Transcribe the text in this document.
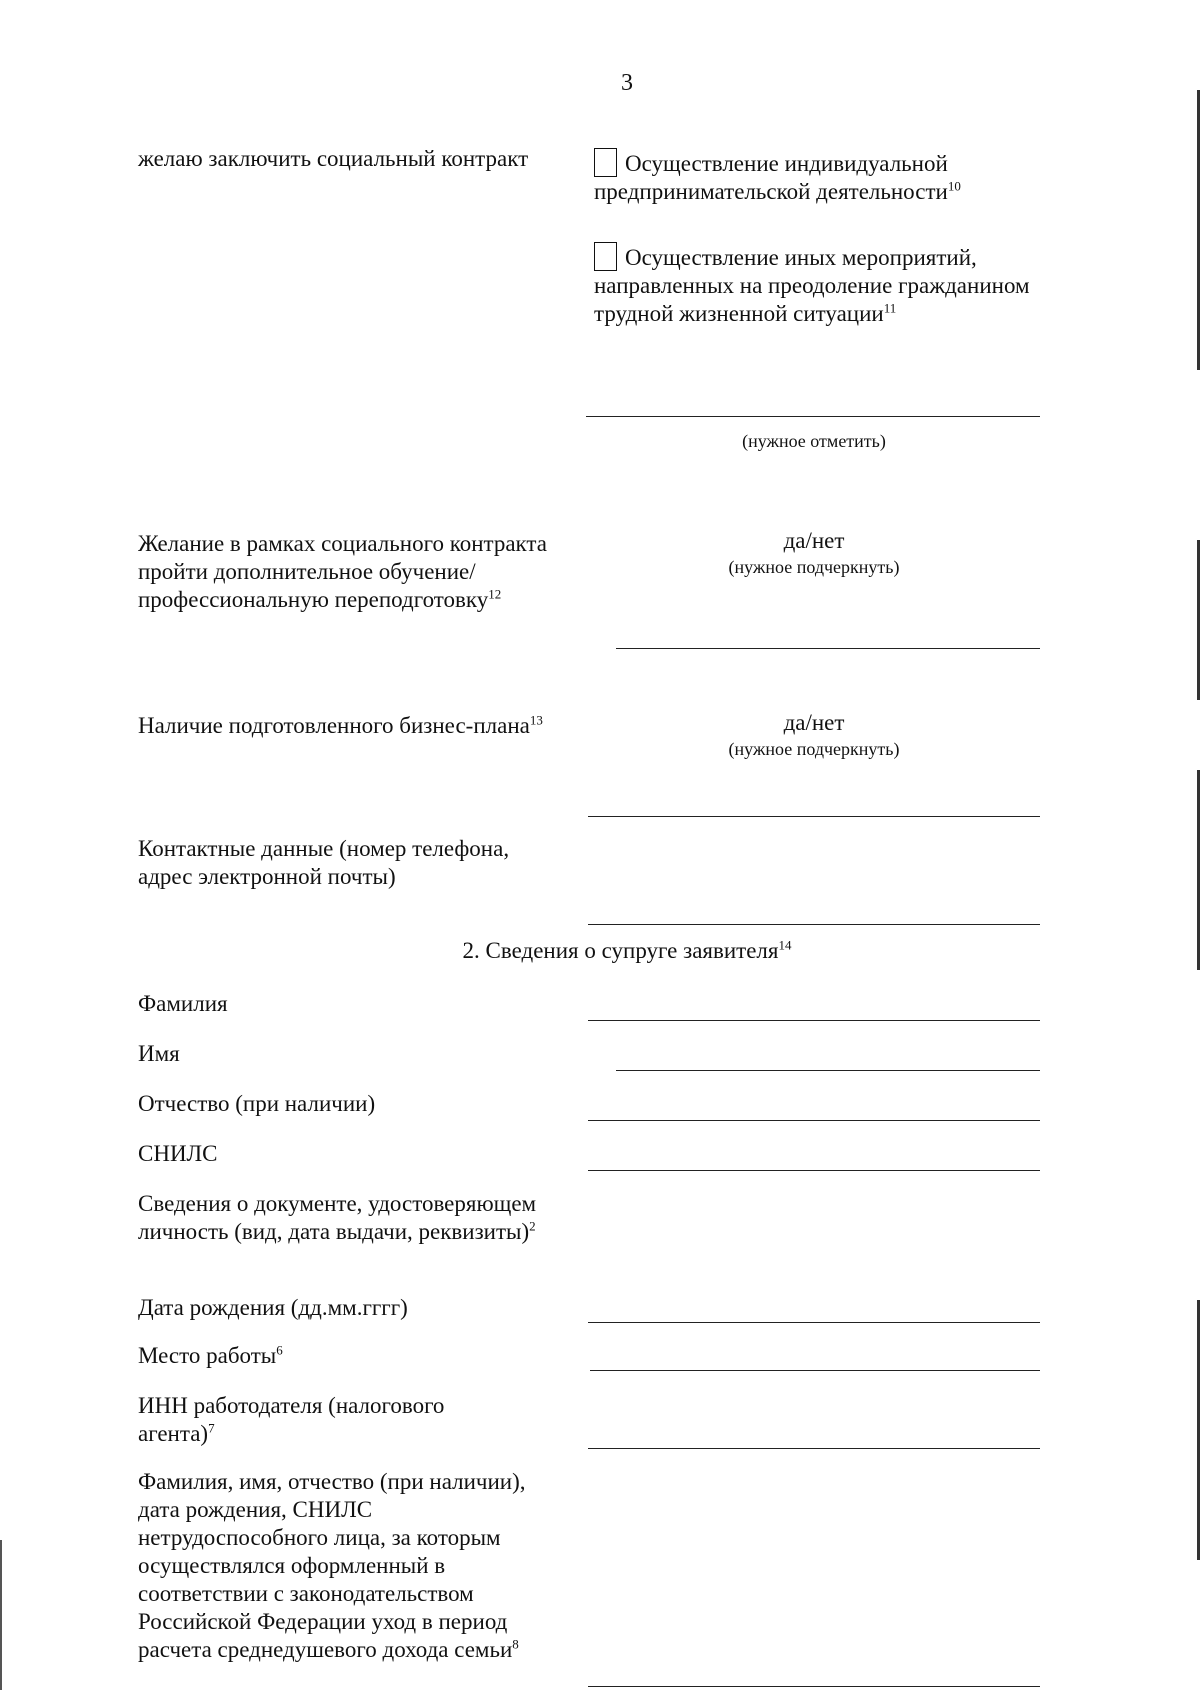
3
желаю заключить социальный контракт	Осуществление индивидуальной предпринимательской деятельности$^{10}$
Осуществление иных мероприятий, направленных на преодоление гражданином трудной жизненной ситуации$^{11}$
(нужное отметить)
Желание в рамках социального контракта пройти дополнительное обучение/профессиональную переподготовку$^{12}$
да/нет
(нужное подчеркнуть)
Наличие подготовленного бизнес-плана$^{13}$	да/нет
(нужное подчеркнуть)
Контактные данные (номер телефона, адрес электронной почты)
2. Сведения о супруге заявителя$^{14}$
Фамилия
Имя
Отчество (при наличии)
СНИЛС
Сведения о документе, удостоверяющем личность (вид, дата выдачи, реквизиты)$^2$
Дата рождения (дд.мм.гггг)
Место работы$^6$
ИНН работодателя (налогового агента)$^7$
Фамилия, имя, отчество (при наличии), дата рождения, СНИЛС нетрудоспособного лица, за которым осуществлялся оформленный в соответствии с законодательством Российской Федерации уход в период расчета среднедушевого дохода семьи$^8$
